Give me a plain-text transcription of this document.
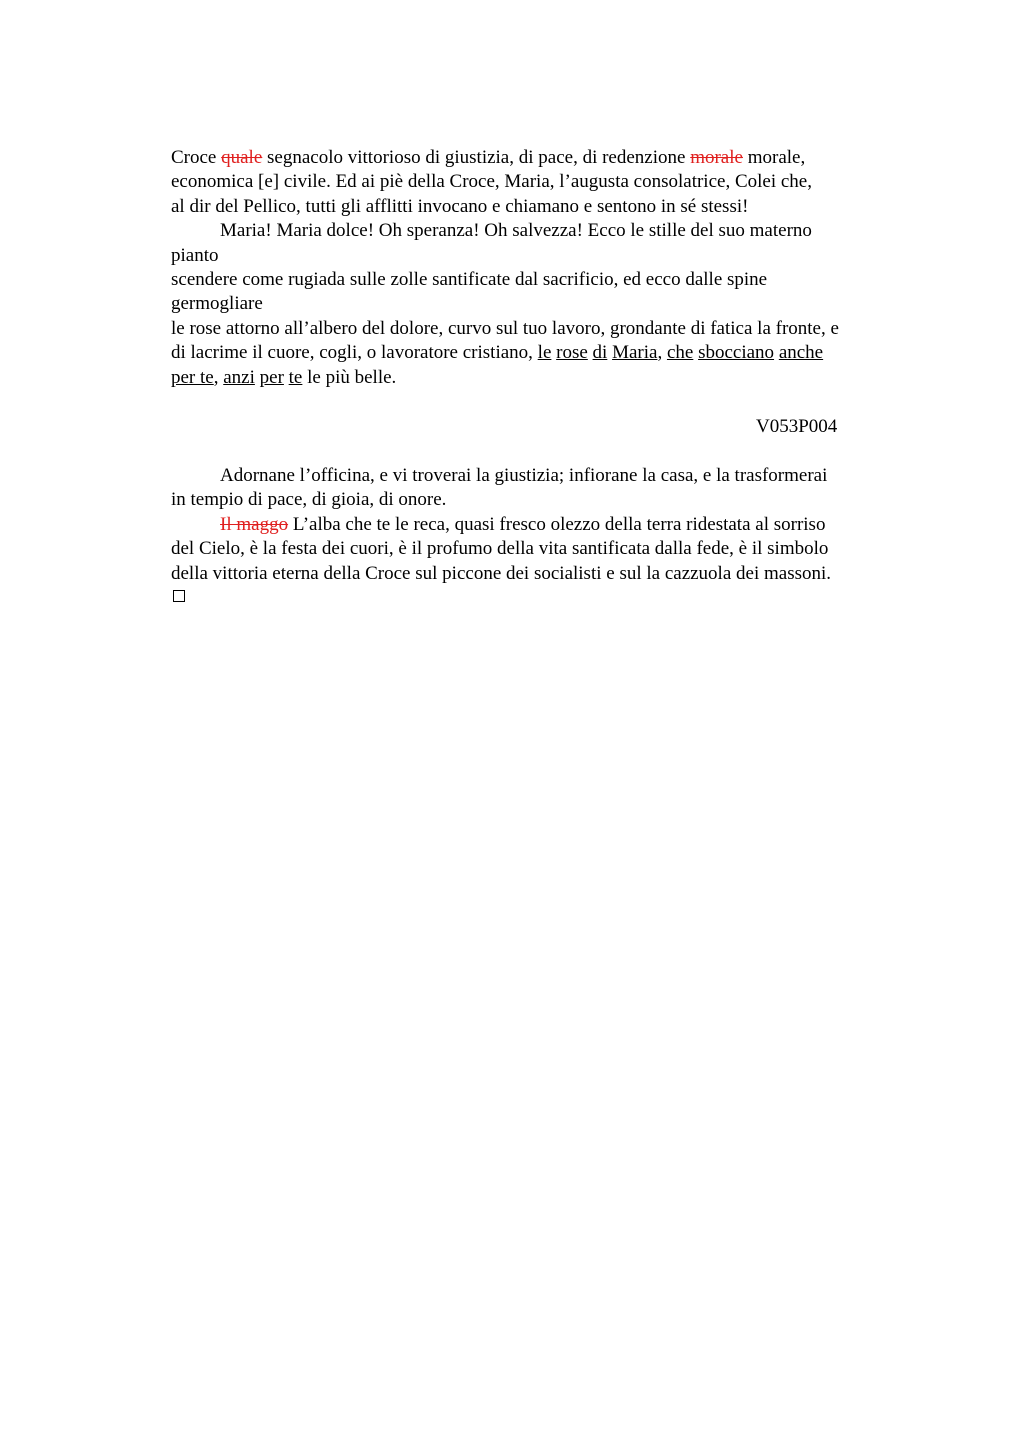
Croce quale segnacolo vittorioso di giustizia, di pace, di redenzione morale morale,
economica [e] civile. Ed ai piè della Croce, Maria, l’augusta consolatrice, Colei che,
al dir del Pellico, tutti gli afflitti invocano e chiamano e sentono in sé stessi!
Maria! Maria dolce! Oh speranza! Oh salvezza! Ecco le stille del suo materno
pianto
scendere come rugiada sulle zolle santificate dal sacrificio, ed ecco dalle spine
germogliare
le rose attorno all’albero del dolore, curvo sul tuo lavoro, grondante di fatica la fronte, e
di lacrime il cuore, cogli, o lavoratore cristiano, le rose di Maria, che sbocciano anche
per te, anzi per te le più belle.
V053P004
Adornane l’officina, e vi troverai la giustizia; infiorane la casa, e la trasformerai
in tempio di pace, di gioia, di onore.
Il maggo L’alba che te le reca, quasi fresco olezzo della terra ridestata al sorriso
del Cielo, è la festa dei cuori, è il profumo della vita santificata dalla fede, è il simbolo
della vittoria eterna della Croce sul piccone dei socialisti e sul la cazzuola dei massoni.
